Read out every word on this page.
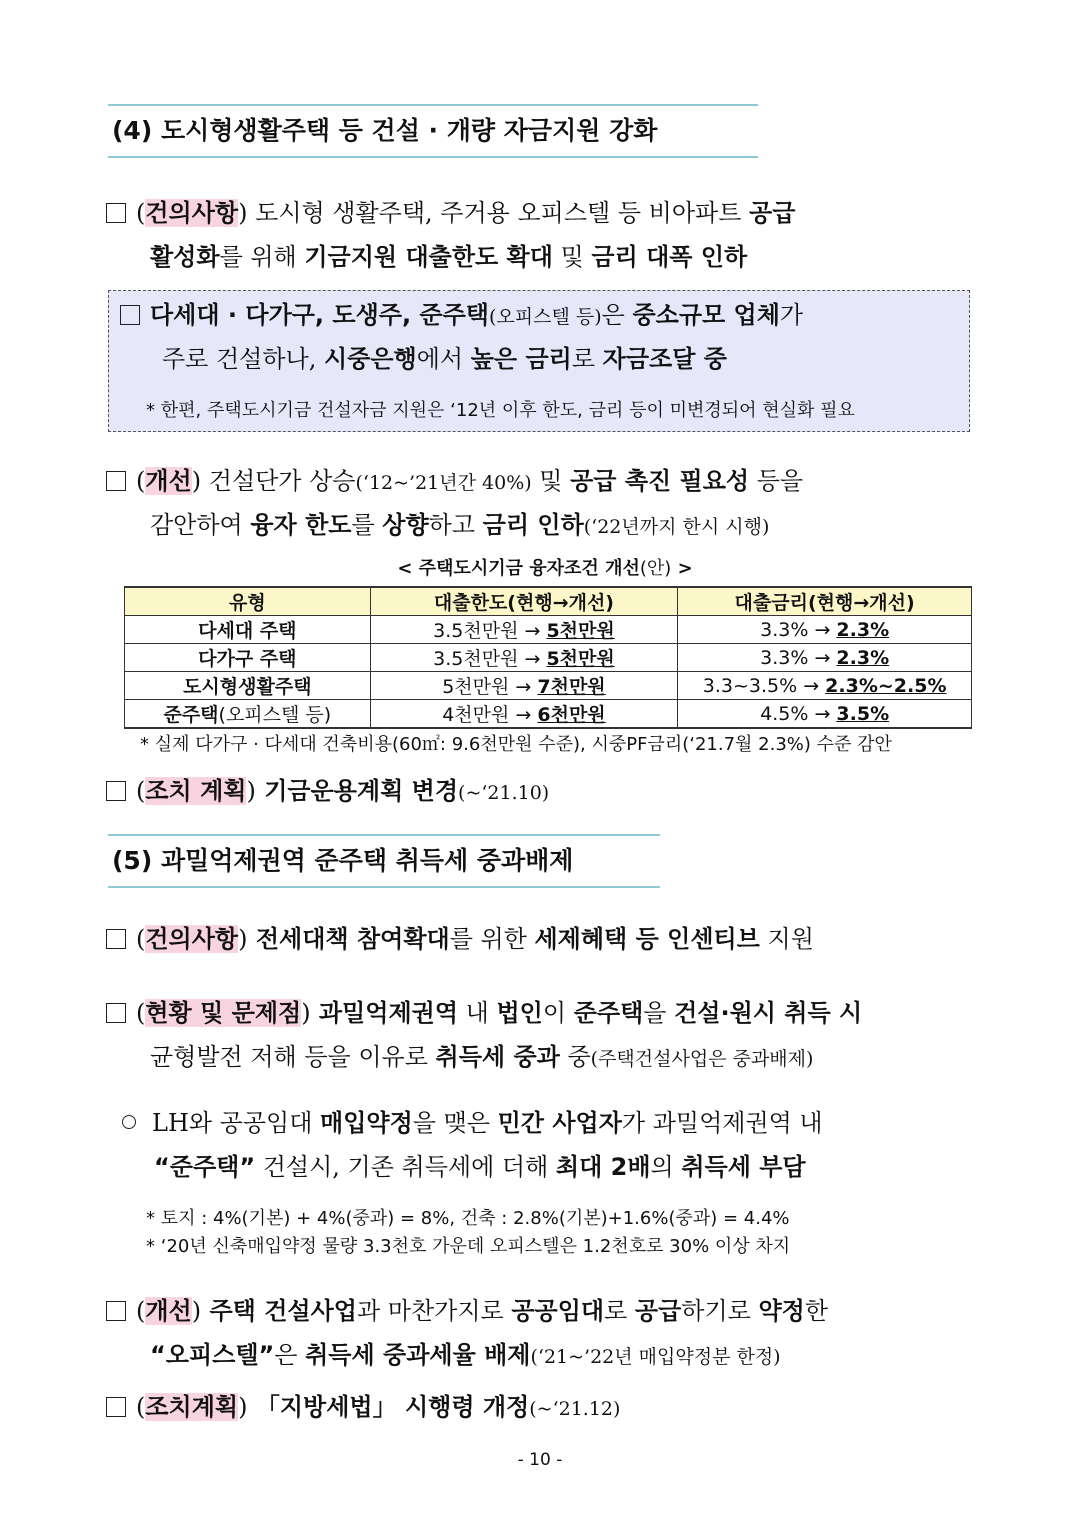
(4) 도시형생활주택 등 건설 · 개량 자금지원 강화
(건의사항) 도시형 생활주택, 주거용 오피스텔 등 비아파트 공급
활성화를 위해 기금지원 대출한도 확대 및 금리 대폭 인하
다세대 · 다가구, 도생주, 준주택(오피스텔 등)은 중소규모 업체가
주로 건설하나, 시중은행에서 높은 금리로 자금조달 중
* 한편, 주택도시기금 건설자금 지원은 ‘12년 이후 한도, 금리 등이 미변경되어 현실화 필요
(개선) 건설단가 상승(‘12~’21년간 40%) 및 공급 촉진 필요성 등을
감안하여 융자 한도를 상향하고 금리 인하(‘22년까지 한시 시행)
< 주택도시기금 융자조건 개선(안) >
유형	대출한도(현행→개선)	대출금리(현행→개선)
다세대 주택	3.5천만원 → 5천만원	3.3% → 2.3%
다가구 주택	3.5천만원 → 5천만원	3.3% → 2.3%
도시형생활주택	5천만원 → 7천만원	3.3~3.5% → 2.3%~2.5%
준주택(오피스텔 등)	4천만원 → 6천만원	4.5% → 3.5%
* 실제 다가구 · 다세대 건축비용(60㎡: 9.6천만원 수준), 시중PF금리(‘21.7월 2.3%) 수준 감안
(조치 계획) 기금운용계획 변경(~‘21.10)
(5) 과밀억제권역 준주택 취득세 중과배제
(건의사항) 전세대책 참여확대를 위한 세제혜택 등 인센티브 지원
(현황 및 문제점) 과밀억제권역 내 법인이 준주택을 건설·원시 취득 시
균형발전 저해 등을 이유로 취득세 중과 중(주택건설사업은 중과배제)
LH와 공공임대 매입약정을 맺은 민간 사업자가 과밀억제권역 내
“준주택” 건설시, 기존 취득세에 더해 최대 2배의 취득세 부담
* 토지 : 4%(기본) + 4%(중과) = 8%, 건축 : 2.8%(기본)+1.6%(중과) = 4.4%
* ‘20년 신축매입약정 물량 3.3천호 가운데 오피스텔은 1.2천호로 30% 이상 차지
(개선) 주택 건설사업과 마찬가지로 공공임대로 공급하기로 약정한
“오피스텔”은 취득세 중과세율 배제(‘21~’22년 매입약정분 한정)
(조치계획) 「지방세법」 시행령 개정(~‘21.12)
- 10 -
